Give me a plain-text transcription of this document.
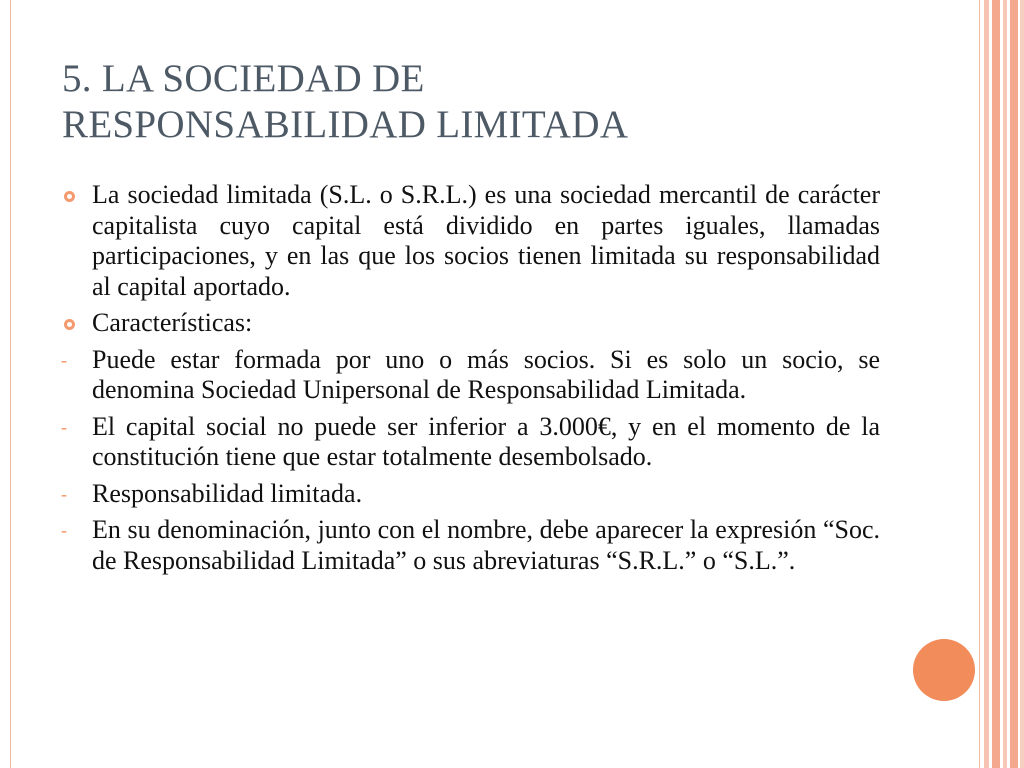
5. LA SOCIEDAD DE
RESPONSABILIDAD LIMITADA
La sociedad limitada (S.L. o S.R.L.) es una sociedad mercantil de carácter capitalista cuyo capital está dividido en partes iguales, llamadas participaciones, y en las que los socios tienen limitada su responsabilidad al capital aportado.
Características:
- Puede estar formada por uno o más socios. Si es solo un socio, se denomina Sociedad Unipersonal de Responsabilidad Limitada.
- El capital social no puede ser inferior a 3.000€, y en el momento de la constitución tiene que estar totalmente desembolsado.
- Responsabilidad limitada.
- En su denominación, junto con el nombre, debe aparecer la expresión “Soc. de Responsabilidad Limitada” o sus abreviaturas “S.R.L.” o “S.L.”.
